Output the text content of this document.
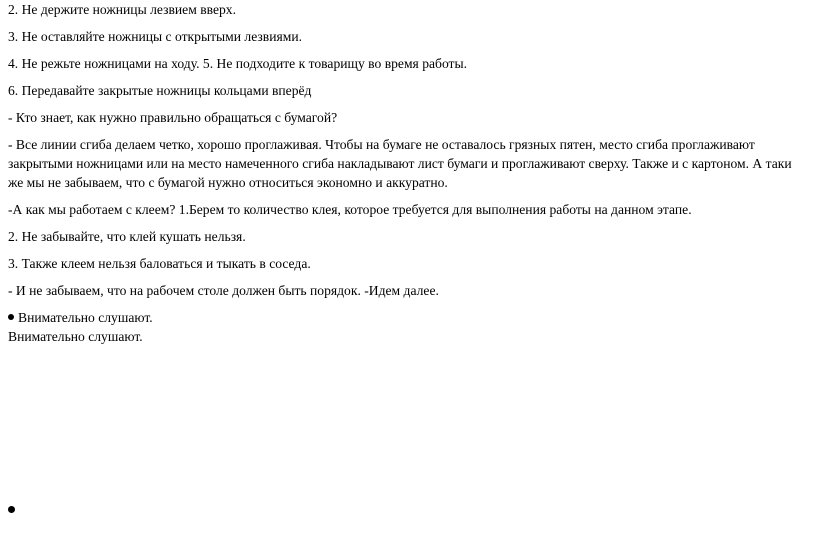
2. Не держите ножницы лезвием вверх.

3. Не оставляйте ножницы с открытыми лезвиями.

4. Не режьте ножницами на ходу. 5. Не подходите к товарищу во время работы.

6. Передавайте закрытые ножницы кольцами вперёд

- Кто знает, как нужно правильно обращаться с бумагой?

- Все линии сгиба делаем четко, хорошо проглаживая. Чтобы на бумаге не оставалось грязных пятен, место сгиба проглаживают закрытыми ножницами или на место намеченного сгиба накладывают лист бумаги и проглаживают сверху. Также и с картоном. А таки же мы не забываем, что с бумагой нужно относиться экономно и аккуратно.

-А как мы работаем с клеем? 1.Берем то количество клея, которое требуется для выполнения работы на данном этапе.

2. Не забывайте, что клей кушать нельзя.

3. Также клеем нельзя баловаться и тыкать в соседа.

- И не забываем, что на рабочем столе должен быть порядок. -Идем далее.

Внимательно слушают.

Внимательно слушают.
